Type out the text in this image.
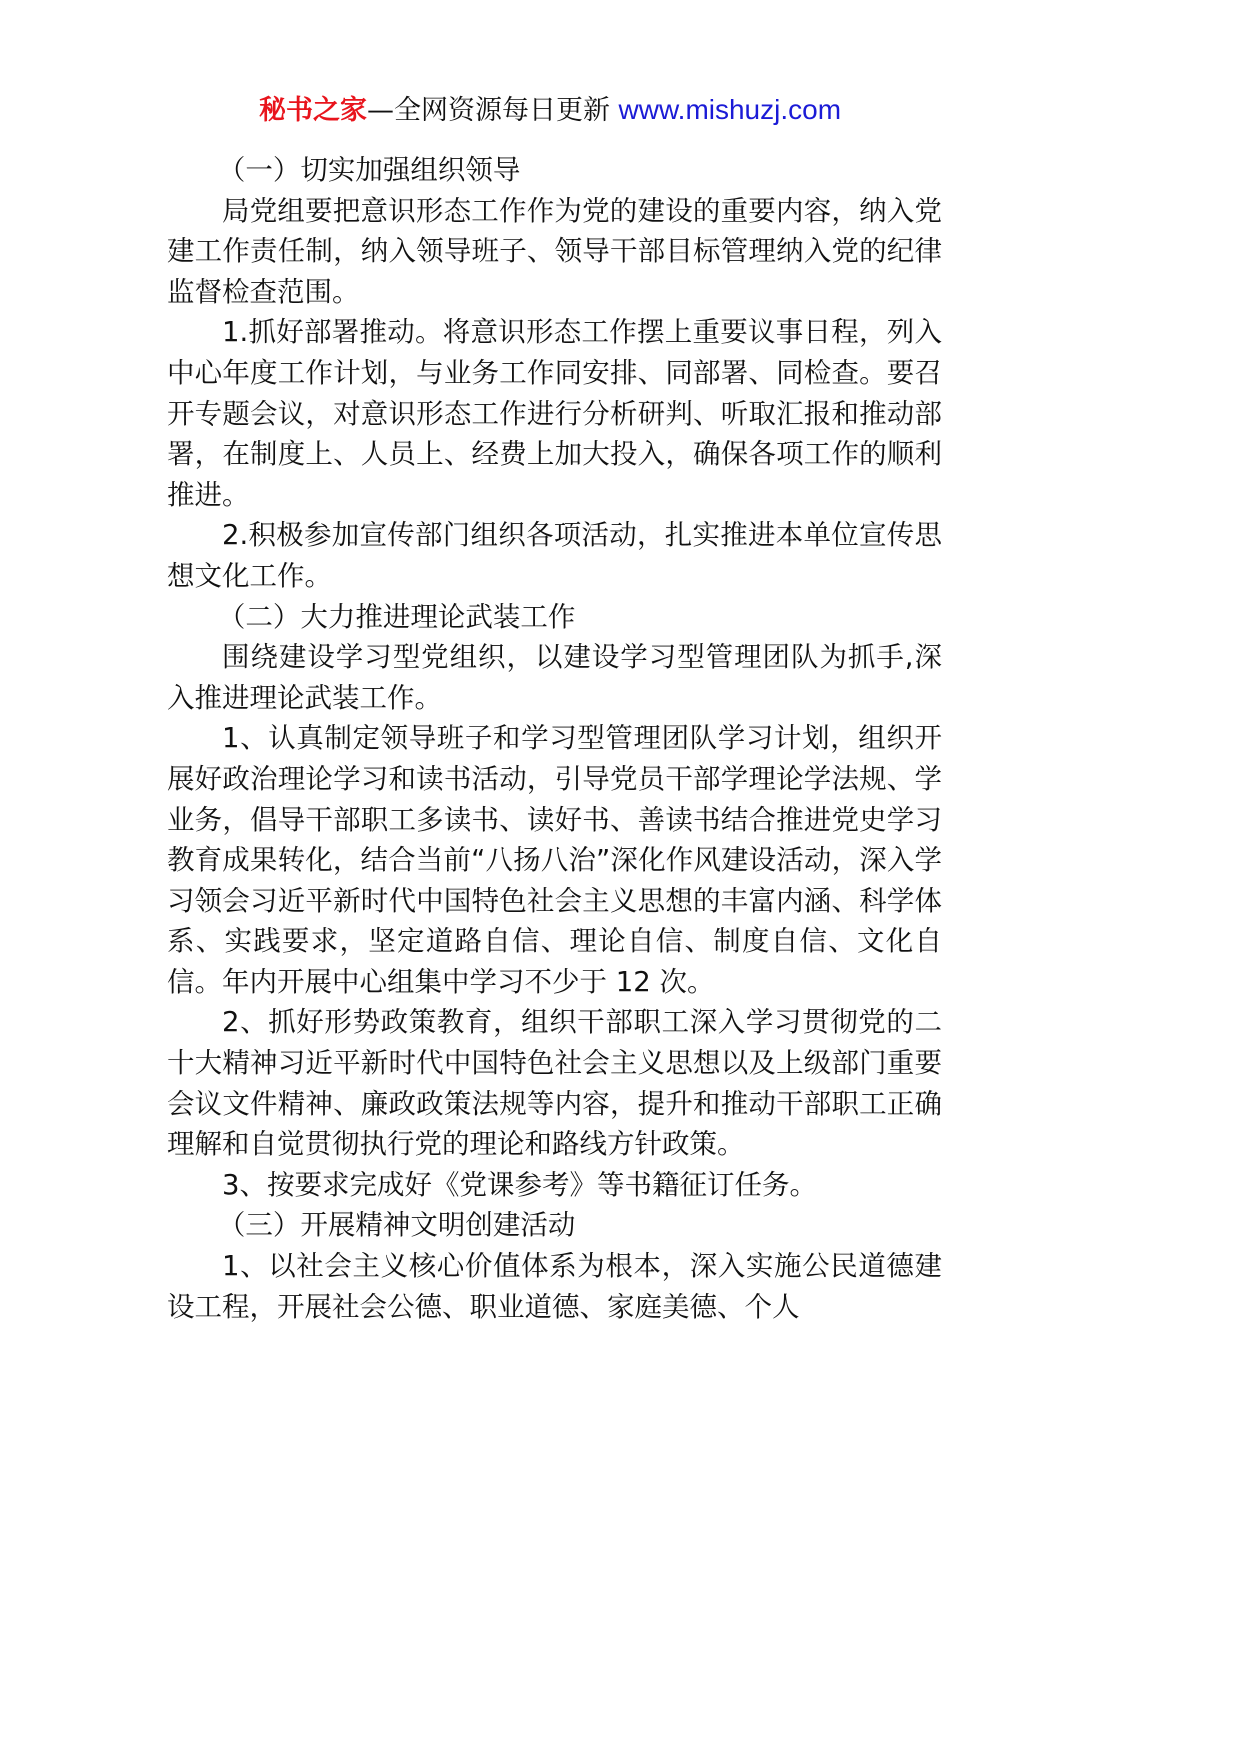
秘书之家—全网资源每日更新 www.mishuzj.com

（一）切实加强组织领导

局党组要把意识形态工作作为党的建设的重要内容，纳入党建工作责任制，纳入领导班子、领导干部目标管理纳入党的纪律监督检查范围。

1.抓好部署推动。将意识形态工作摆上重要议事日程，列入中心年度工作计划，与业务工作同安排、同部署、同检查。要召开专题会议，对意识形态工作进行分析研判、听取汇报和推动部署，在制度上、人员上、经费上加大投入，确保各项工作的顺利推进。

2.积极参加宣传部门组织各项活动，扎实推进本单位宣传思想文化工作。

（二）大力推进理论武装工作

围绕建设学习型党组织，以建设学习型管理团队为抓手,深入推进理论武装工作。

1、认真制定领导班子和学习型管理团队学习计划，组织开展好政治理论学习和读书活动，引导党员干部学理论学法规、学业务，倡导干部职工多读书、读好书、善读书结合推进党史学习教育成果转化，结合当前“八扬八治”深化作风建设活动，深入学习领会习近平新时代中国特色社会主义思想的丰富内涵、科学体系、实践要求，坚定道路自信、理论自信、制度自信、文化自信。年内开展中心组集中学习不少于 12 次。

2、抓好形势政策教育，组织干部职工深入学习贯彻党的二十大精神习近平新时代中国特色社会主义思想以及上级部门重要会议文件精神、廉政政策法规等内容，提升和推动干部职工正确理解和自觉贯彻执行党的理论和路线方针政策。

3、按要求完成好《党课参考》等书籍征订任务。

（三）开展精神文明创建活动

1、以社会主义核心价值体系为根本，深入实施公民道德建设工程，开展社会公德、职业道德、家庭美德、个人
